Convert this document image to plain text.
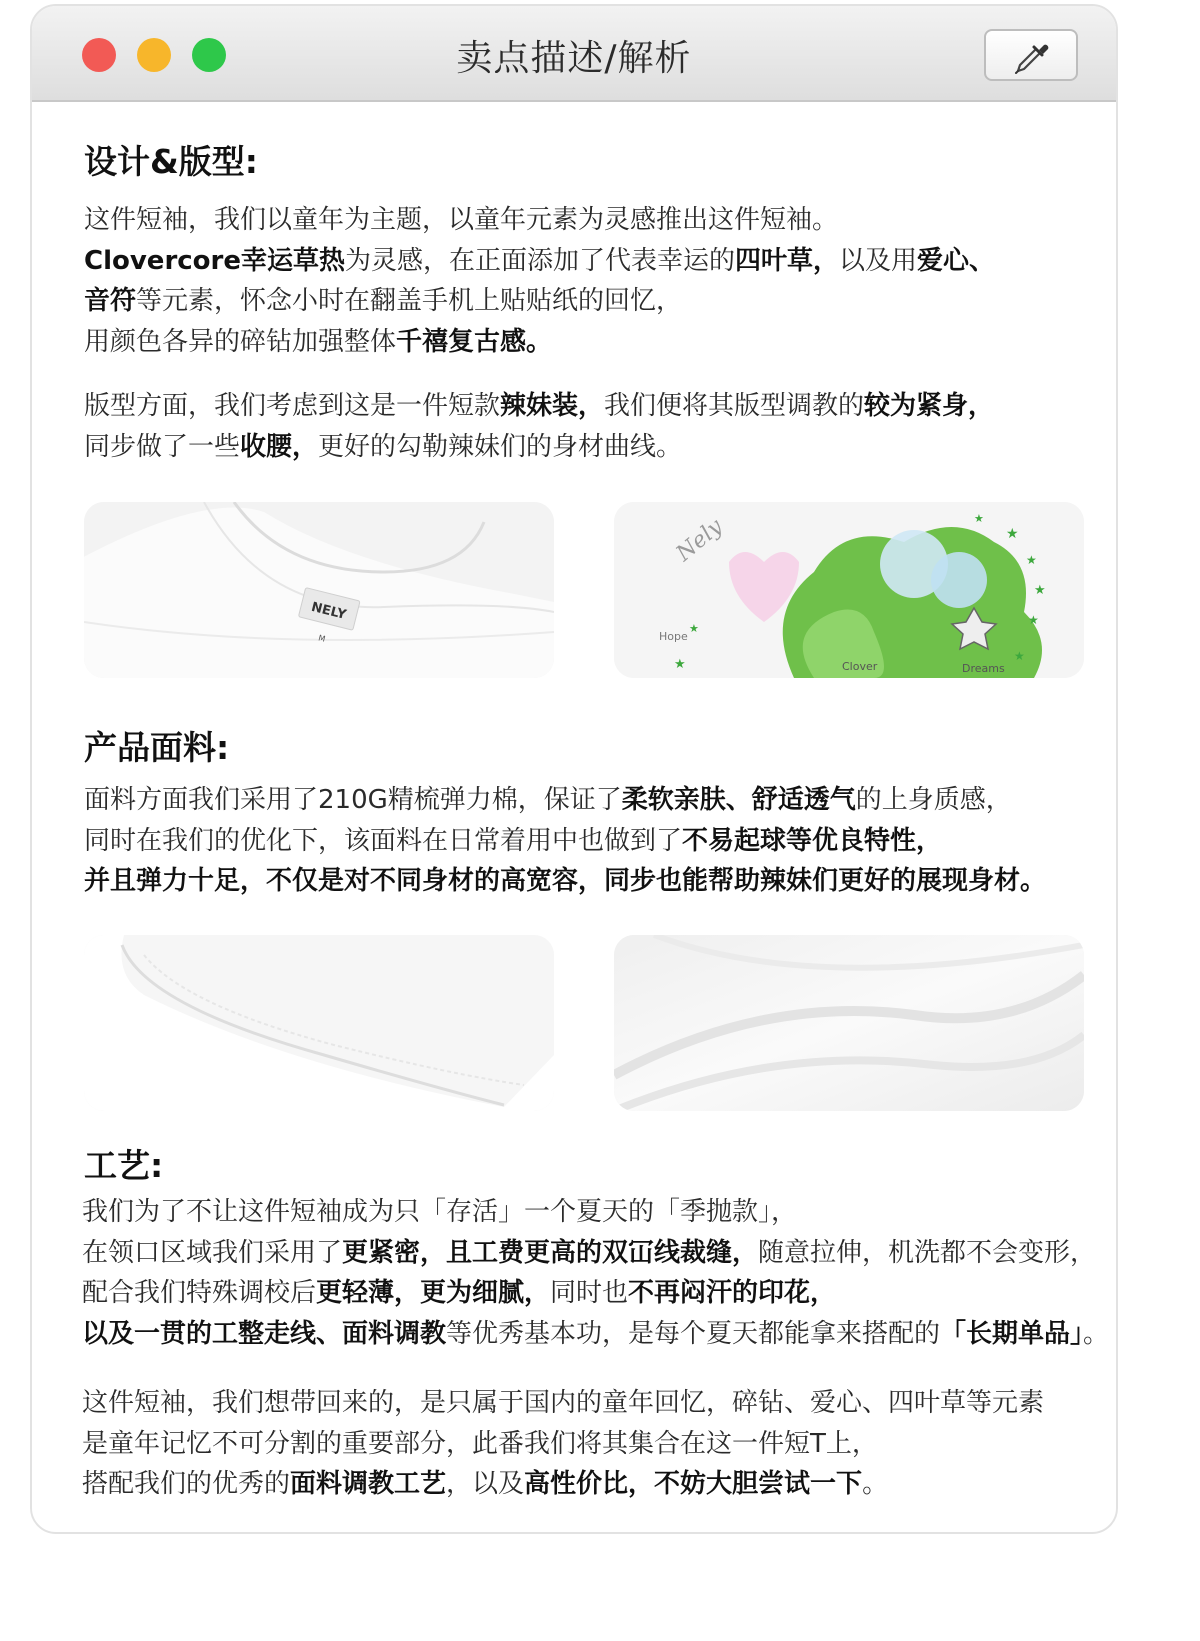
卖点描述/解析
设计&版型:
这件短袖，我们以童年为主题，以童年元素为灵感推出这件短袖。
Clovercore幸运草热为灵感，在正面添加了代表幸运的四叶草，以及用爱心、
音符等元素，怀念小时在翻盖手机上贴贴纸的回忆，
用颜色各异的碎钻加强整体千禧复古感。
版型方面，我们考虑到这是一件短款辣妹装，我们便将其版型调教的较为紧身，
同步做了一些收腰，更好的勾勒辣妹们的身材曲线。
NELY
M
Nely
Hope
Clover	Dreams
★
★
★
★
★
★
★
★
产品面料:
面料方面我们采用了210G精梳弹力棉，保证了柔软亲肤、舒适透气的上身质感，
同时在我们的优化下，该面料在日常着用中也做到了不易起球等优良特性，
并且弹力十足，不仅是对不同身材的高宽容，同步也能帮助辣妹们更好的展现身材。
工艺:
我们为了不让这件短袖成为只「存活」一个夏天的「季抛款」，
在领口区域我们采用了更紧密，且工费更高的双冚线裁缝，随意拉伸，机洗都不会变形，
配合我们特殊调校后更轻薄，更为细腻，同时也不再闷汗的印花，
以及一贯的工整走线、面料调教等优秀基本功，是每个夏天都能拿来搭配的「长期单品」。
这件短袖，我们想带回来的，是只属于国内的童年回忆，碎钻、爱心、四叶草等元素
是童年记忆不可分割的重要部分，此番我们将其集合在这一件短T上，
搭配我们的优秀的面料调教工艺，以及高性价比，不妨大胆尝试一下。
